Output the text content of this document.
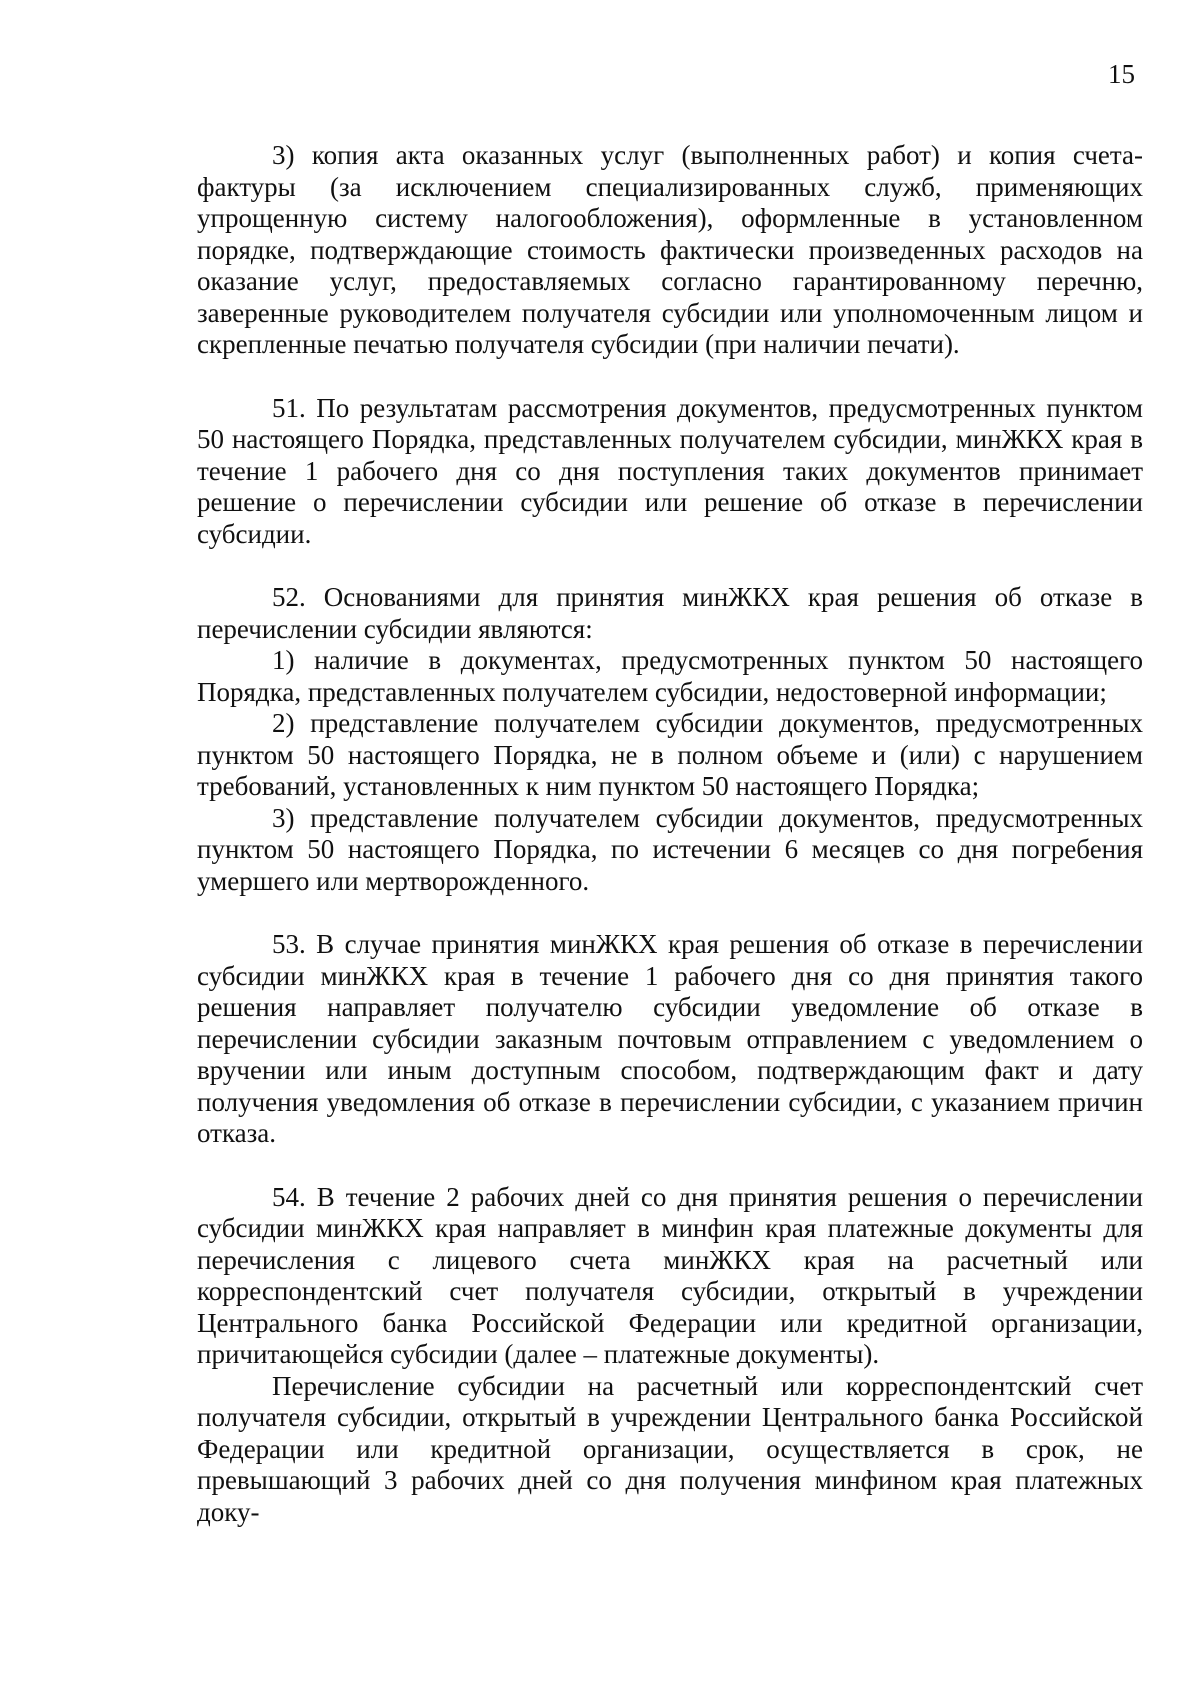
15

3) копия акта оказанных услуг (выполненных работ) и копия счета-фактуры (за исключением специализированных служб, применяющих упрощенную систему налогообложения), оформленные в установленном порядке, подтверждающие стоимость фактически произведенных расходов на оказание услуг, предоставляемых согласно гарантированному перечню, заверенные руководителем получателя субсидии или уполномоченным лицом и скрепленные печатью получателя субсидии (при наличии печати).

51. По результатам рассмотрения документов, предусмотренных пунктом 50 настоящего Порядка, представленных получателем субсидии, минЖКХ края в течение 1 рабочего дня со дня поступления таких документов принимает решение о перечислении субсидии или решение об отказе в перечислении субсидии.

52. Основаниями для принятия минЖКХ края решения об отказе в перечислении субсидии являются:

1) наличие в документах, предусмотренных пунктом 50 настоящего Порядка, представленных получателем субсидии, недостоверной информации;

2) представление получателем субсидии документов, предусмотренных пунктом 50 настоящего Порядка, не в полном объеме и (или) с нарушением требований, установленных к ним пунктом 50 настоящего Порядка;

3) представление получателем субсидии документов, предусмотренных пунктом 50 настоящего Порядка, по истечении 6 месяцев со дня погребения умершего или мертворожденного.

53. В случае принятия минЖКХ края решения об отказе в перечислении субсидии минЖКХ края в течение 1 рабочего дня со дня принятия такого решения направляет получателю субсидии уведомление об отказе в перечислении субсидии заказным почтовым отправлением с уведомлением о вручении или иным доступным способом, подтверждающим факт и дату получения уведомления об отказе в перечислении субсидии, с указанием причин отказа.

54. В течение 2 рабочих дней со дня принятия решения о перечислении субсидии минЖКХ края направляет в минфин края платежные документы для перечисления с лицевого счета минЖКХ края на расчетный или корреспондентский счет получателя субсидии, открытый в учреждении Центрального банка Российской Федерации или кредитной организации, причитающейся субсидии (далее – платежные документы).

Перечисление субсидии на расчетный или корреспондентский счет получателя субсидии, открытый в учреждении Центрального банка Российской Федерации или кредитной организации, осуществляется в срок, не превышающий 3 рабочих дней со дня получения минфином края платежных доку-
